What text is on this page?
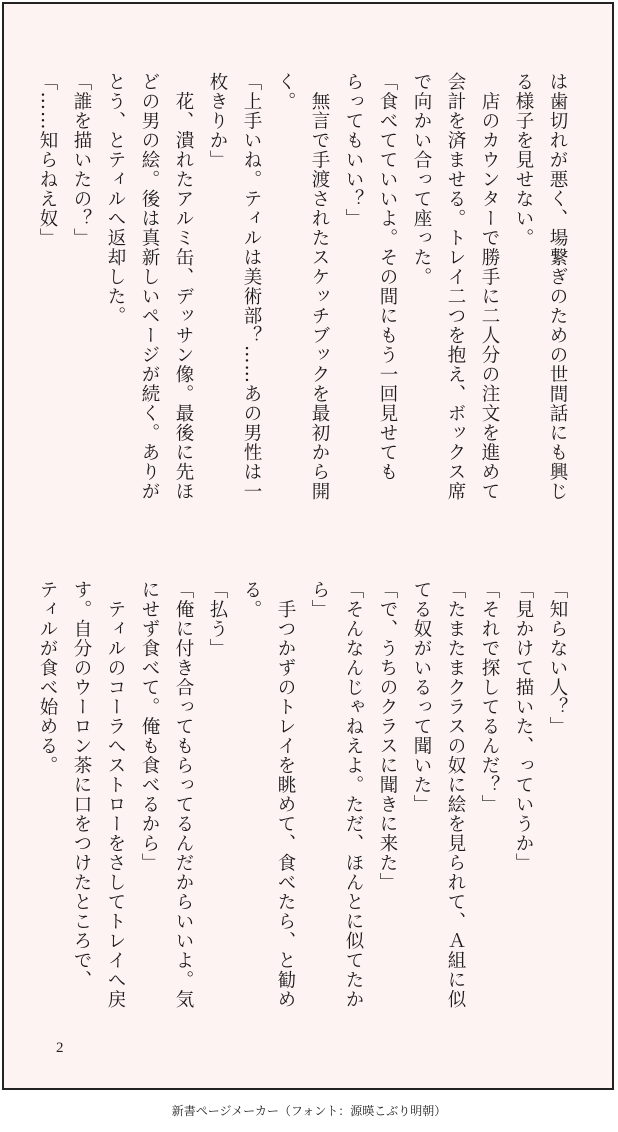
は歯切れが悪く、場繋ぎのための世間話にも興じ

る様子を見せない。

　店のカウンターで勝手に二人分の注文を進めて

会計を済ませる。トレイ二つを抱え、ボックス席

で向かい合って座った。

「食べてていいよ。その間にもう一回見せても

らってもいい？」

　無言で手渡されたスケッチブックを最初から開

く。

「上手いね。ティルは美術部？……あの男性は一

枚きりか」

　花、潰れたアルミ缶、デッサン像。最後に先ほ

どの男の絵。後は真新しいページが続く。ありが

とう、とティルへ返却した。

「誰を描いたの？」

「……知らねえ奴」

「知らない人？」

「見かけて描いた、っていうか」

「それで探してるんだ？」

「たまたまクラスの奴に絵を見られて、Ａ組に似

てる奴がいるって聞いた」

「で、うちのクラスに聞きに来た」

「そんなんじゃねえよ。ただ、ほんとに似てたか

ら」

　手つかずのトレイを眺めて、食べたら、と勧め

る。

「払う」

「俺に付き合ってもらってるんだからいいよ。気

にせず食べて。俺も食べるから」

　ティルのコーラへストローをさしてトレイへ戻

す。自分のウーロン茶に口をつけたところで、

ティルが食べ始める。

2
新書ページメーカー（フォント：源暎こぶり明朝）
